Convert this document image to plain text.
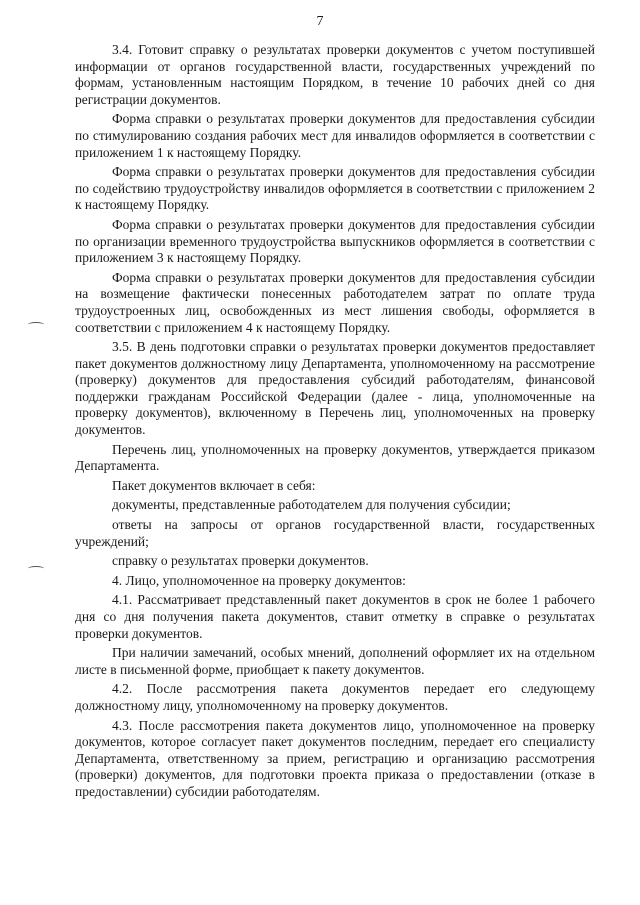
7

3.4. Готовит справку о результатах проверки документов с учетом поступившей информации от органов государственной власти, государственных учреждений по формам, установленным настоящим Порядком, в течение 10 рабочих дней со дня регистрации документов.

Форма справки о результатах проверки документов для предоставления субсидии по стимулированию создания рабочих мест для инвалидов оформляется в соответствии с приложением 1 к настоящему Порядку.

Форма справки о результатах проверки документов для предоставления субсидии по содействию трудоустройству инвалидов оформляется в соответствии с приложением 2 к настоящему Порядку.

Форма справки о результатах проверки документов для предоставления субсидии по организации временного трудоустройства выпускников оформляется в соответствии с приложением 3 к настоящему Порядку.

Форма справки о результатах проверки документов для предоставления субсидии на возмещение фактически понесенных работодателем затрат по оплате труда трудоустроенных лиц, освобожденных из мест лишения свободы, оформляется в соответствии с приложением 4 к настоящему Порядку.

3.5. В день подготовки справки о результатах проверки документов предоставляет пакет документов должностному лицу Департамента, уполномоченному на рассмотрение (проверку) документов для предоставления субсидий работодателям, финансовой поддержки гражданам Российской Федерации (далее - лица, уполномоченные на проверку документов), включенному в Перечень лиц, уполномоченных на проверку документов.

Перечень лиц, уполномоченных на проверку документов, утверждается приказом Департамента.

Пакет документов включает в себя:

документы, представленные работодателем для получения субсидии;

ответы на запросы от органов государственной власти, государственных учреждений;

справку о результатах проверки документов.

4. Лицо, уполномоченное на проверку документов:

4.1. Рассматривает представленный пакет документов в срок не более 1 рабочего дня со дня получения пакета документов, ставит отметку в справке о результатах проверки документов.

При наличии замечаний, особых мнений, дополнений оформляет их на отдельном листе в письменной форме, приобщает к пакету документов.

4.2. После рассмотрения пакета документов передает его следующему должностному лицу, уполномоченному на проверку документов.

4.3. После рассмотрения пакета документов лицо, уполномоченное на проверку документов, которое согласует пакет документов последним, передает его специалисту Департамента, ответственному за прием, регистрацию и организацию рассмотрения (проверки) документов, для подготовки проекта приказа о предоставлении (отказе в предоставлении) субсидии работодателям.
